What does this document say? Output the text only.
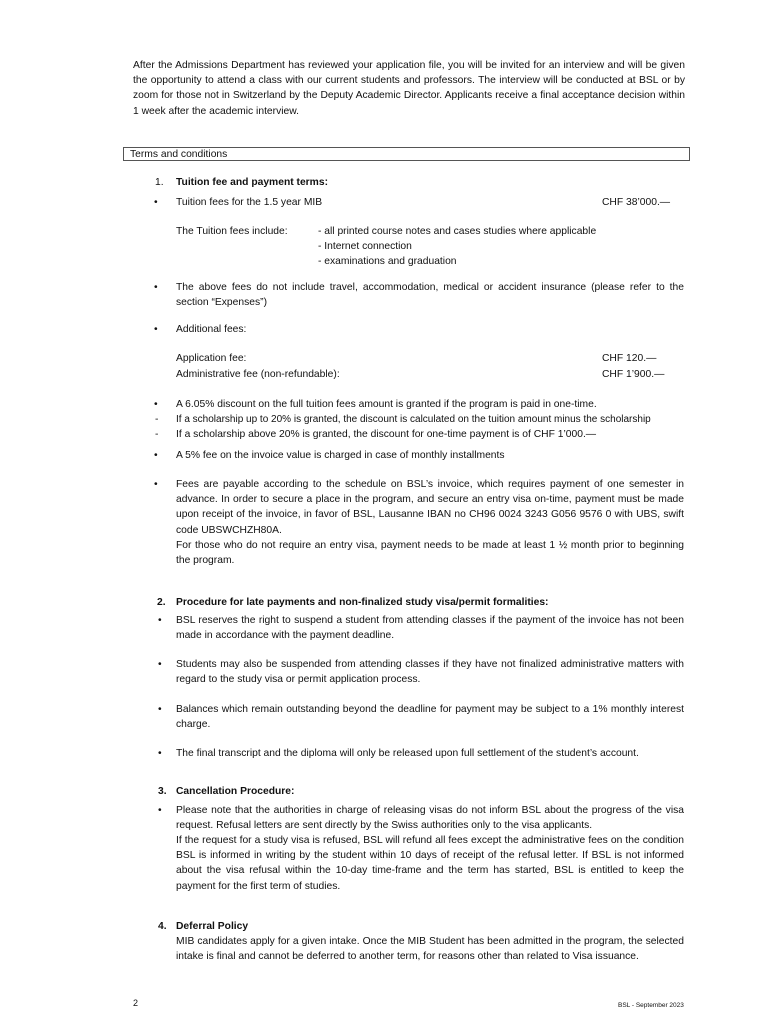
After the Admissions Department has reviewed your application file, you will be invited for an interview and will be given the opportunity to attend a class with our current students and professors. The interview will be conducted at BSL or by zoom for those not in Switzerland by the Deputy Academic Director. Applicants receive a final acceptance decision within 1 week after the academic interview.
Terms and conditions
1. Tuition fee and payment terms:
• Tuition fees for the 1.5 year MIB	CHF 38’000.—
The Tuition fees include:	- all printed course notes and cases studies where applicable
- Internet connection
- examinations and graduation
• The above fees do not include travel, accommodation, medical or accident insurance (please refer to the section “Expenses”)
• Additional fees:
Application fee:	CHF 120.—
Administrative fee (non-refundable):	CHF 1’900.—
• A 6.05% discount on the full tuition fees amount is granted if the program is paid in one-time.
- If a scholarship up to 20% is granted, the discount is calculated on the tuition amount minus the scholarship
- If a scholarship above 20% is granted, the discount for one-time payment is of CHF 1’000.—
• A 5% fee on the invoice value is charged in case of monthly installments
• Fees are payable according to the schedule on BSL’s invoice, which requires payment of one semester in advance. In order to secure a place in the program, and secure an entry visa on-time, payment must be made upon receipt of the invoice, in favor of BSL, Lausanne IBAN no CH96 0024 3243 G056 9576 0 with UBS, swift code UBSWCHZH80A.
For those who do not require an entry visa, payment needs to be made at least 1 ½ month prior to beginning the program.
2. Procedure for late payments and non-finalized study visa/permit formalities:
• BSL reserves the right to suspend a student from attending classes if the payment of the invoice has not been made in accordance with the payment deadline.
• Students may also be suspended from attending classes if they have not finalized administrative matters with regard to the study visa or permit application process.
• Balances which remain outstanding beyond the deadline for payment may be subject to a 1% monthly interest charge.
• The final transcript and the diploma will only be released upon full settlement of the student’s account.
3. Cancellation Procedure:
• Please note that the authorities in charge of releasing visas do not inform BSL about the progress of the visa request. Refusal letters are sent directly by the Swiss authorities only to the visa applicants.
If the request for a study visa is refused, BSL will refund all fees except the administrative fees on the condition BSL is informed in writing by the student within 10 days of receipt of the refusal letter. If BSL is not informed about the visa refusal within the 10-day time-frame and the term has started, BSL is entitled to keep the payment for the first term of studies.
4. Deferral Policy
MIB candidates apply for a given intake. Once the MIB Student has been admitted in the program, the selected intake is final and cannot be deferred to another term, for reasons other than related to Visa issuance.
2	BSL - September 2023
